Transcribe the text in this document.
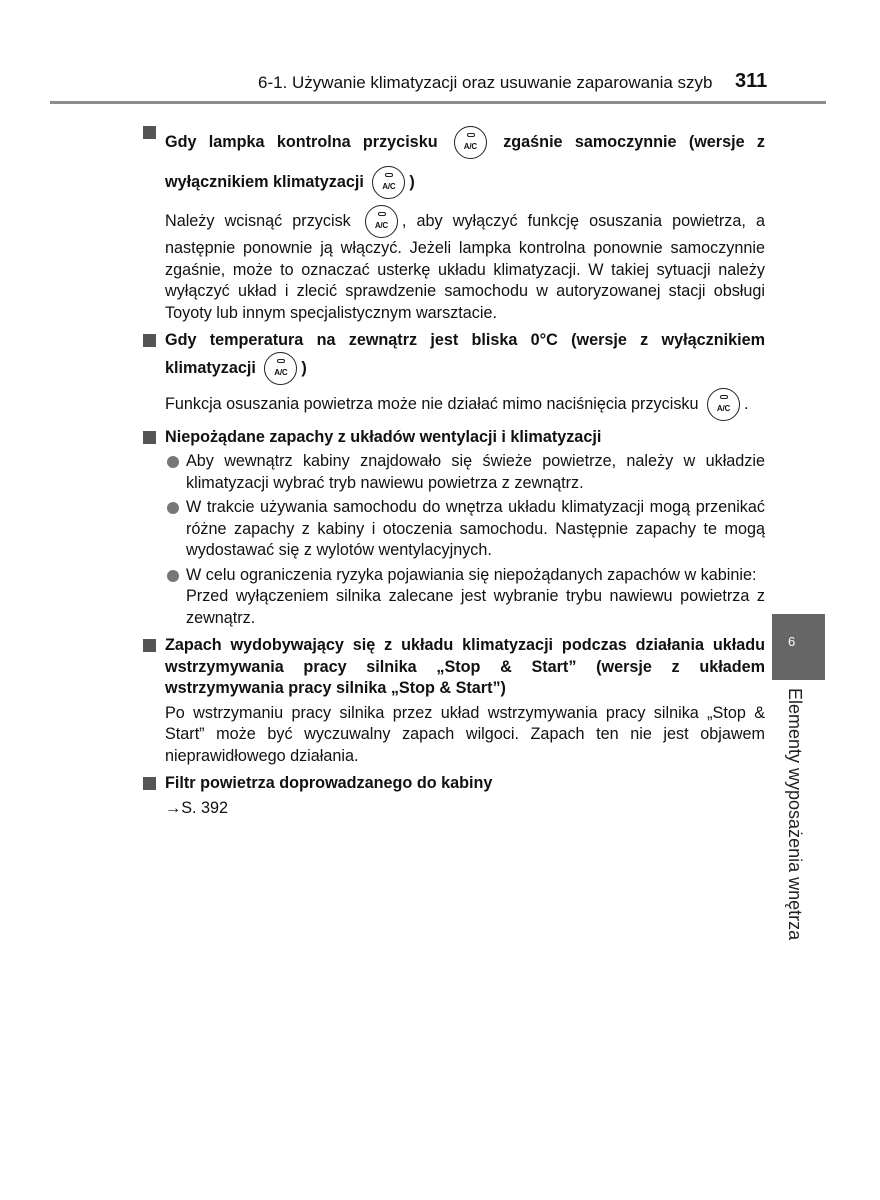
6-1. Używanie klimatyzacji oraz usuwanie zaparowania szyb 311
Gdy lampka kontrolna przycisku	A/C	zgaśnie samoczynnie (wersje z wyłącznikiem klimatyzacji	A/C )
Należy wcisnąć przycisk	A/C , aby wyłączyć funkcję osuszania powietrza, a następnie ponownie ją włączyć. Jeżeli lampka kontrolna ponownie samoczynnie zgaśnie, może to oznaczać usterkę układu klimatyzacji. W takiej sytuacji należy wyłączyć układ i zlecić sprawdzenie samochodu w autoryzowanej stacji obsługi Toyoty lub innym specjalistycznym warsztacie.
Gdy temperatura na zewnątrz jest bliska 0°C (wersje z wyłącznikiem klimatyzacji	A/C )
Funkcja osuszania powietrza może nie działać mimo naciśnięcia przycisku	A/C .
Niepożądane zapachy z układów wentylacji i klimatyzacji
Aby wewnątrz kabiny znajdowało się świeże powietrze, należy w układzie klimatyzacji wybrać tryb nawiewu powietrza z zewnątrz.
W trakcie używania samochodu do wnętrza układu klimatyzacji mogą przenikać różne zapachy z kabiny i otoczenia samochodu. Następnie zapachy te mogą wydostawać się z wylotów wentylacyjnych.
W celu ograniczenia ryzyka pojawiania się niepożądanych zapachów w kabinie:
Przed wyłączeniem silnika zalecane jest wybranie trybu nawiewu powietrza z zewnątrz.
Zapach wydobywający się z układu klimatyzacji podczas działania układu wstrzymywania pracy silnika „Stop & Start” (wersje z układem wstrzymywania pracy silnika „Stop & Start”)
Po wstrzymaniu pracy silnika przez układ wstrzymywania pracy silnika „Stop & Start” może być wyczuwalny zapach wilgoci. Zapach ten nie jest objawem nieprawidłowego działania.
Filtr powietrza doprowadzanego do kabiny
→S. 392
6
Elementy wyposażenia wnętrza
